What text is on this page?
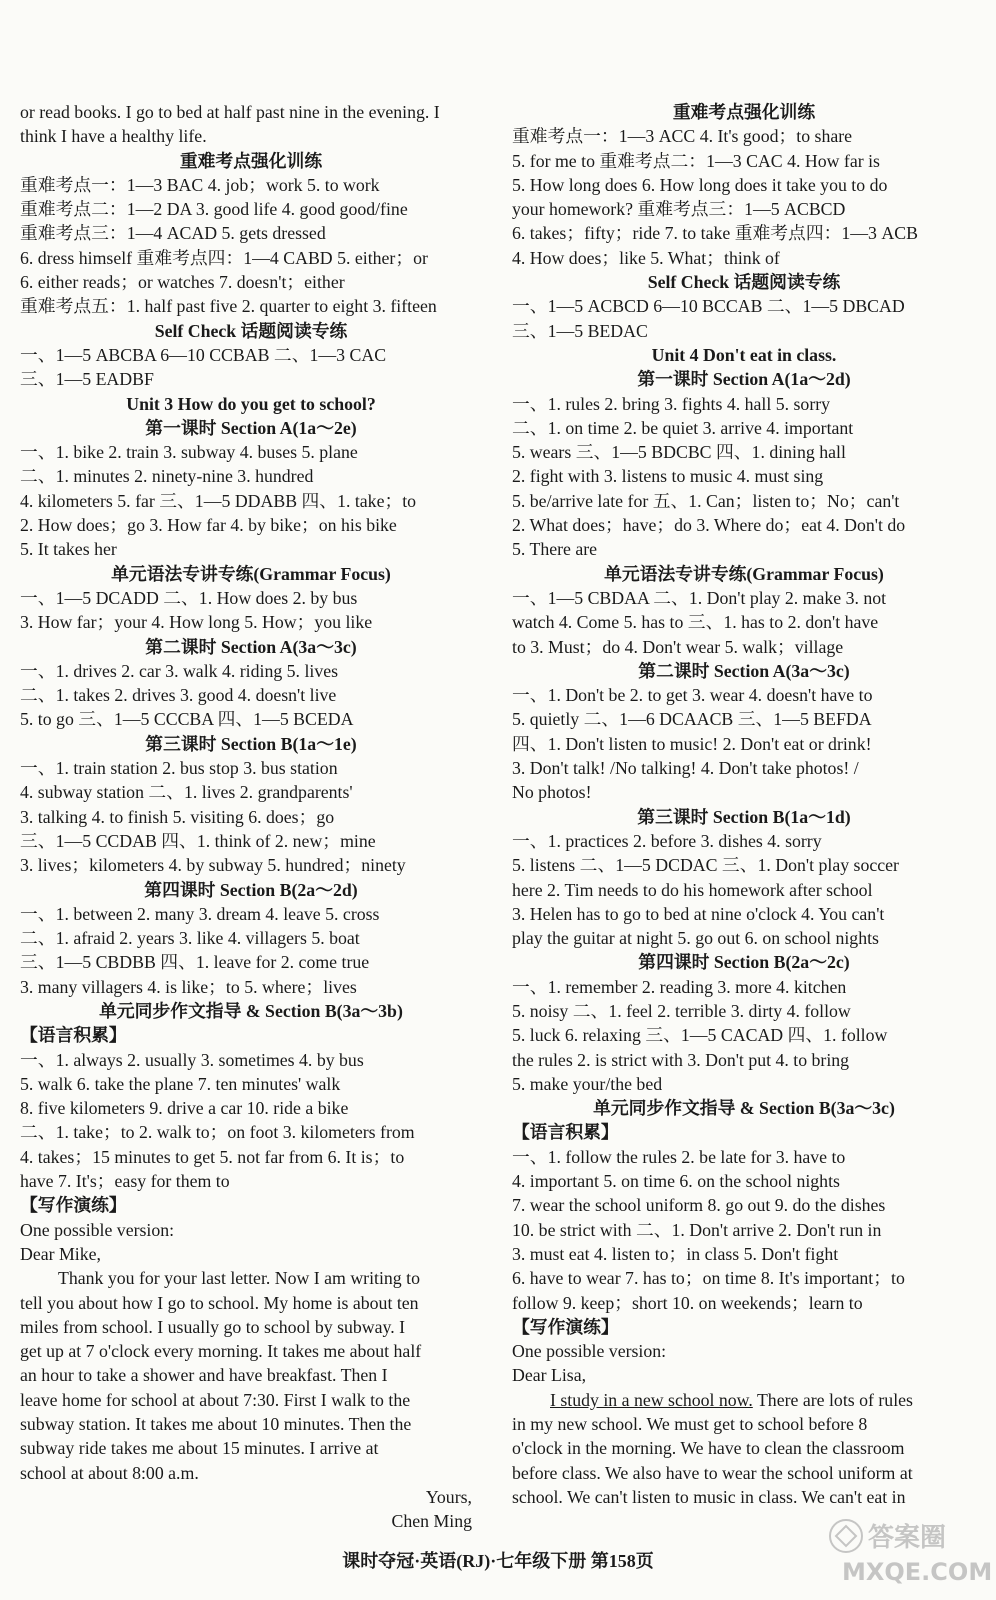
or read books. I go to bed at half past nine in the evening. I
think I have a healthy life.
重难考点强化训练
重难考点一：1—3 BAC 4. job；work 5. to work
重难考点二：1—2 DA 3. good life 4. good good/fine
重难考点三：1—4 ACAD 5. gets dressed
6. dress himself 重难考点四：1—4 CABD 5. either；or
6. either reads；or watches 7. doesn't；either
重难考点五：1. half past five 2. quarter to eight 3. fifteen
Self Check 话题阅读专练
一、1—5 ABCBA 6—10 CCBAB 二、1—3 CAC
三、1—5 EADBF
Unit 3 How do you get to school?
第一课时 Section A(1a～2e)
一、1. bike 2. train 3. subway 4. buses 5. plane
二、1. minutes 2. ninety-nine 3. hundred
4. kilometers 5. far 三、1—5 DDABB 四、1. take；to
2. How does；go 3. How far 4. by bike；on his bike
5. It takes her
单元语法专讲专练(Grammar Focus)
一、1—5 DCADD 二、1. How does 2. by bus
3. How far；your 4. How long 5. How；you like
第二课时 Section A(3a～3c)
一、1. drives 2. car 3. walk 4. riding 5. lives
二、1. takes 2. drives 3. good 4. doesn't live
5. to go 三、1—5 CCCBA 四、1—5 BCEDA
第三课时 Section B(1a～1e)
一、1. train station 2. bus stop 3. bus station
4. subway station 二、1. lives 2. grandparents'
3. talking 4. to finish 5. visiting 6. does；go
三、1—5 CCDAB 四、1. think of 2. new；mine
3. lives；kilometers 4. by subway 5. hundred；ninety
第四课时 Section B(2a～2d)
一、1. between 2. many 3. dream 4. leave 5. cross
二、1. afraid 2. years 3. like 4. villagers 5. boat
三、1—5 CBDBB 四、1. leave for 2. come true
3. many villagers 4. is like；to 5. where；lives
单元同步作文指导 & Section B(3a～3b)
【语言积累】
一、1. always 2. usually 3. sometimes 4. by bus
5. walk 6. take the plane 7. ten minutes' walk
8. five kilometers 9. drive a car 10. ride a bike
二、1. take；to 2. walk to；on foot 3. kilometers from
4. takes；15 minutes to get 5. not far from 6. It is；to
have 7. It's；easy for them to
【写作演练】
One possible version:
Dear Mike,
Thank you for your last letter. Now I am writing to
tell you about how I go to school. My home is about ten
miles from school. I usually go to school by subway. I
get up at 7 o'clock every morning. It takes me about half
an hour to take a shower and have breakfast. Then I
leave home for school at about 7:30. First I walk to the
subway station. It takes me about 10 minutes. Then the
subway ride takes me about 15 minutes. I arrive at
school at about 8:00 a.m.
Yours,
Chen Ming
重难考点强化训练
重难考点一：1—3 ACC 4. It's good；to share
5. for me to 重难考点二：1—3 CAC 4. How far is
5. How long does 6. How long does it take you to do
your homework? 重难考点三：1—5 ACBCD
6. takes；fifty；ride 7. to take 重难考点四：1—3 ACB
4. How does；like 5. What；think of
Self Check 话题阅读专练
一、1—5 ACBCD 6—10 BCCAB 二、1—5 DBCAD
三、1—5 BEDAC
Unit 4 Don't eat in class.
第一课时 Section A(1a～2d)
一、1. rules 2. bring 3. fights 4. hall 5. sorry
二、1. on time 2. be quiet 3. arrive 4. important
5. wears 三、1—5 BDCBC 四、1. dining hall
2. fight with 3. listens to music 4. must sing
5. be/arrive late for 五、1. Can；listen to；No；can't
2. What does；have；do 3. Where do；eat 4. Don't do
5. There are
单元语法专讲专练(Grammar Focus)
一、1—5 CBDAA 二、1. Don't play 2. make 3. not
watch 4. Come 5. has to 三、1. has to 2. don't have
to 3. Must；do 4. Don't wear 5. walk；village
第二课时 Section A(3a～3c)
一、1. Don't be 2. to get 3. wear 4. doesn't have to
5. quietly 二、1—6 DCAACB 三、1—5 BEFDA
四、1. Don't listen to music! 2. Don't eat or drink!
3. Don't talk! /No talking! 4. Don't take photos! /
No photos!
第三课时 Section B(1a～1d)
一、1. practices 2. before 3. dishes 4. sorry
5. listens 二、1—5 DCDAC 三、1. Don't play soccer
here 2. Tim needs to do his homework after school
3. Helen has to go to bed at nine o'clock 4. You can't
play the guitar at night 5. go out 6. on school nights
第四课时 Section B(2a～2c)
一、1. remember 2. reading 3. more 4. kitchen
5. noisy 二、1. feel 2. terrible 3. dirty 4. follow
5. luck 6. relaxing 三、1—5 CACAD 四、1. follow
the rules 2. is strict with 3. Don't put 4. to bring
5. make your/the bed
单元同步作文指导 & Section B(3a～3c)
【语言积累】
一、1. follow the rules 2. be late for 3. have to
4. important 5. on time 6. on the school nights
7. wear the school uniform 8. go out 9. do the dishes
10. be strict with 二、1. Don't arrive 2. Don't run in
3. must eat 4. listen to；in class 5. Don't fight
6. have to wear 7. has to；on time 8. It's important；to
follow 9. keep；short 10. on weekends；learn to
【写作演练】
One possible version:
Dear Lisa,
I study in a new school now. There are lots of rules
in my new school. We must get to school before 8
o'clock in the morning. We have to clean the classroom
before class. We also have to wear the school uniform at
school. We can't listen to music in class. We can't eat in
课时夺冠·英语(RJ)·七年级下册 第158页
答案圈
MXQE.COM
